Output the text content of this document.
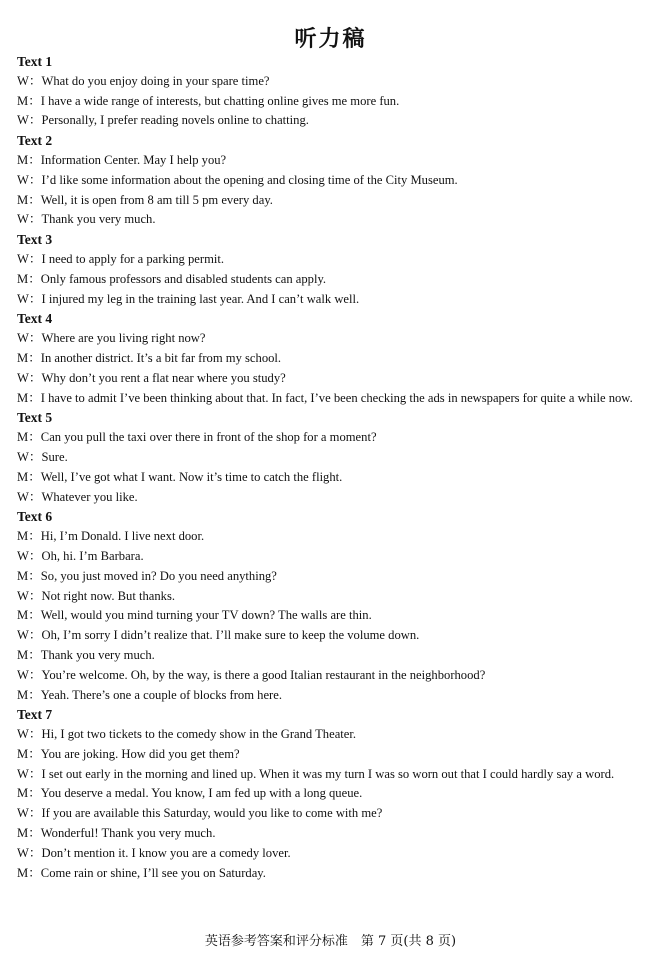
听力稿
Text 1
W：What do you enjoy doing in your spare time?
M：I have a wide range of interests, but chatting online gives me more fun.
W：Personally, I prefer reading novels online to chatting.
Text 2
M：Information Center. May I help you?
W：I’d like some information about the opening and closing time of the City Museum.
M：Well, it is open from 8 am till 5 pm every day.
W：Thank you very much.
Text 3
W：I need to apply for a parking permit.
M：Only famous professors and disabled students can apply.
W：I injured my leg in the training last year. And I can’t walk well.
Text 4
W：Where are you living right now?
M：In another district. It’s a bit far from my school.
W：Why don’t you rent a flat near where you study?
M：I have to admit I’ve been thinking about that. In fact, I’ve been checking the ads in newspapers for quite a while now.
Text 5
M：Can you pull the taxi over there in front of the shop for a moment?
W：Sure.
M：Well, I’ve got what I want. Now it’s time to catch the flight.
W：Whatever you like.
Text 6
M：Hi, I’m Donald. I live next door.
W：Oh, hi. I’m Barbara.
M：So, you just moved in? Do you need anything?
W：Not right now. But thanks.
M：Well, would you mind turning your TV down? The walls are thin.
W：Oh, I’m sorry I didn’t realize that. I’ll make sure to keep the volume down.
M：Thank you very much.
W：You’re welcome. Oh, by the way, is there a good Italian restaurant in the neighborhood?
M：Yeah. There’s one a couple of blocks from here.
Text 7
W：Hi, I got two tickets to the comedy show in the Grand Theater.
M：You are joking. How did you get them?
W：I set out early in the morning and lined up. When it was my turn I was so worn out that I could hardly say a word.
M：You deserve a medal. You know, I am fed up with a long queue.
W：If you are available this Saturday, would you like to come with me?
M：Wonderful! Thank you very much.
W：Don’t mention it. I know you are a comedy lover.
M：Come rain or shine, I’ll see you on Saturday.
英语参考答案和评分标准　第 7 页(共 8 页)
